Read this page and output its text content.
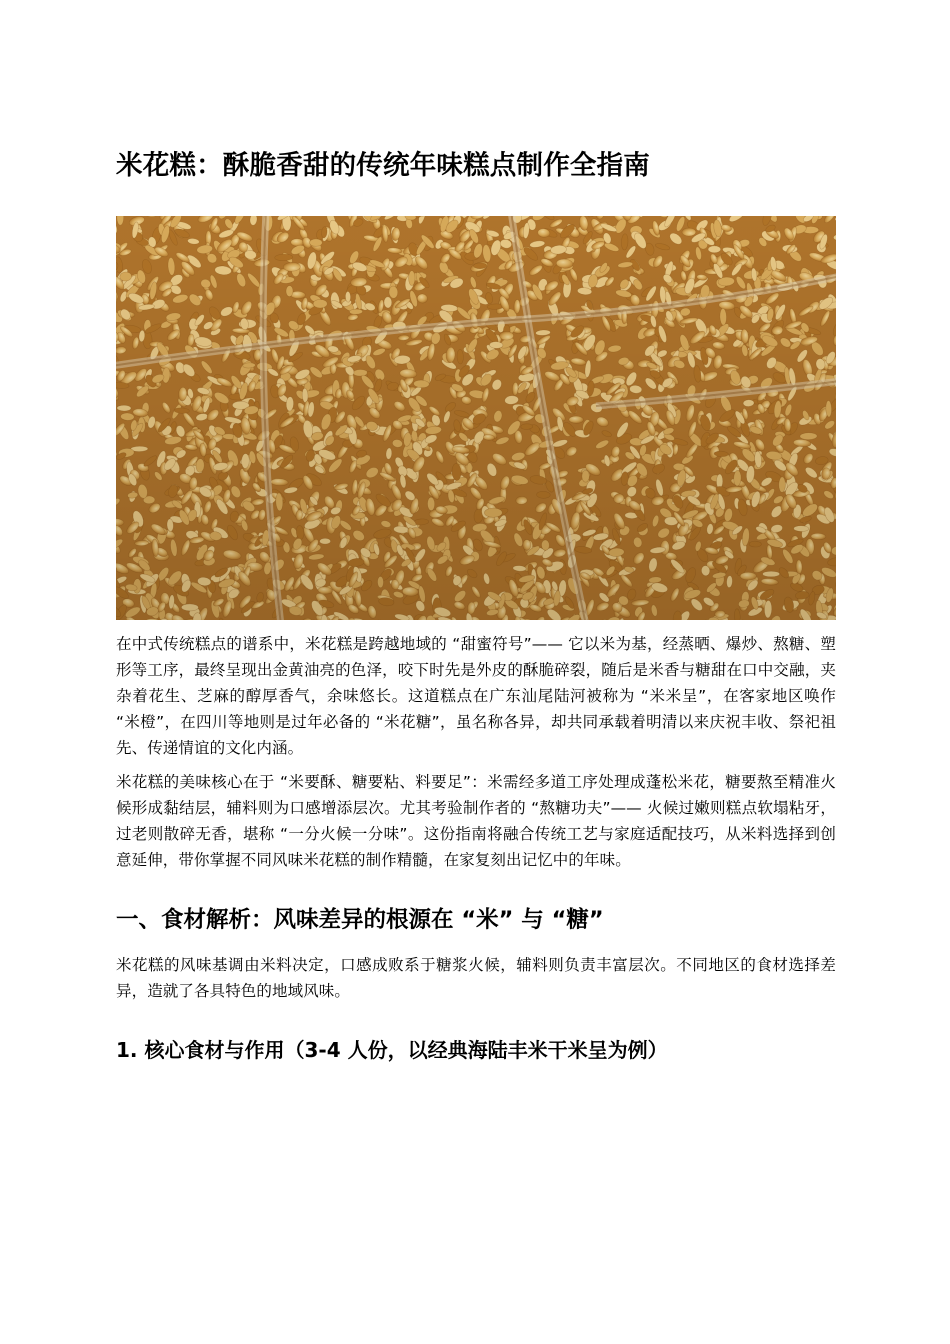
米花糕：酥脆香甜的传统年味糕点制作全指南

在中式传统糕点的谱系中，米花糕是跨越地域的 “甜蜜符号”—— 它以米为基，经蒸晒、爆炒、熬糖、塑形等工序，最终呈现出金黄油亮的色泽，咬下时先是外皮的酥脆碎裂，随后是米香与糖甜在口中交融，夹杂着花生、芝麻的醇厚香气，余味悠长。这道糕点在广东汕尾陆河被称为 “米米呈”，在客家地区唤作 “米橙”，在四川等地则是过年必备的 “米花糖”，虽名称各异，却共同承载着明清以来庆祝丰收、祭祀祖先、传递情谊的文化内涵。

米花糕的美味核心在于 “米要酥、糖要粘、料要足”：米需经多道工序处理成蓬松米花，糖要熬至精准火候形成黏结层，辅料则为口感增添层次。尤其考验制作者的 “熬糖功夫”—— 火候过嫩则糕点软塌粘牙，过老则散碎无香，堪称 “一分火候一分味”。这份指南将融合传统工艺与家庭适配技巧，从米料选择到创意延伸，带你掌握不同风味米花糕的制作精髓，在家复刻出记忆中的年味。

一、食材解析：风味差异的根源在 “米” 与 “糖”

米花糕的风味基调由米料决定，口感成败系于糖浆火候，辅料则负责丰富层次。不同地区的食材选择差异，造就了各具特色的地域风味。

1. 核心食材与作用（3-4 人份，以经典海陆丰米干米呈为例）
